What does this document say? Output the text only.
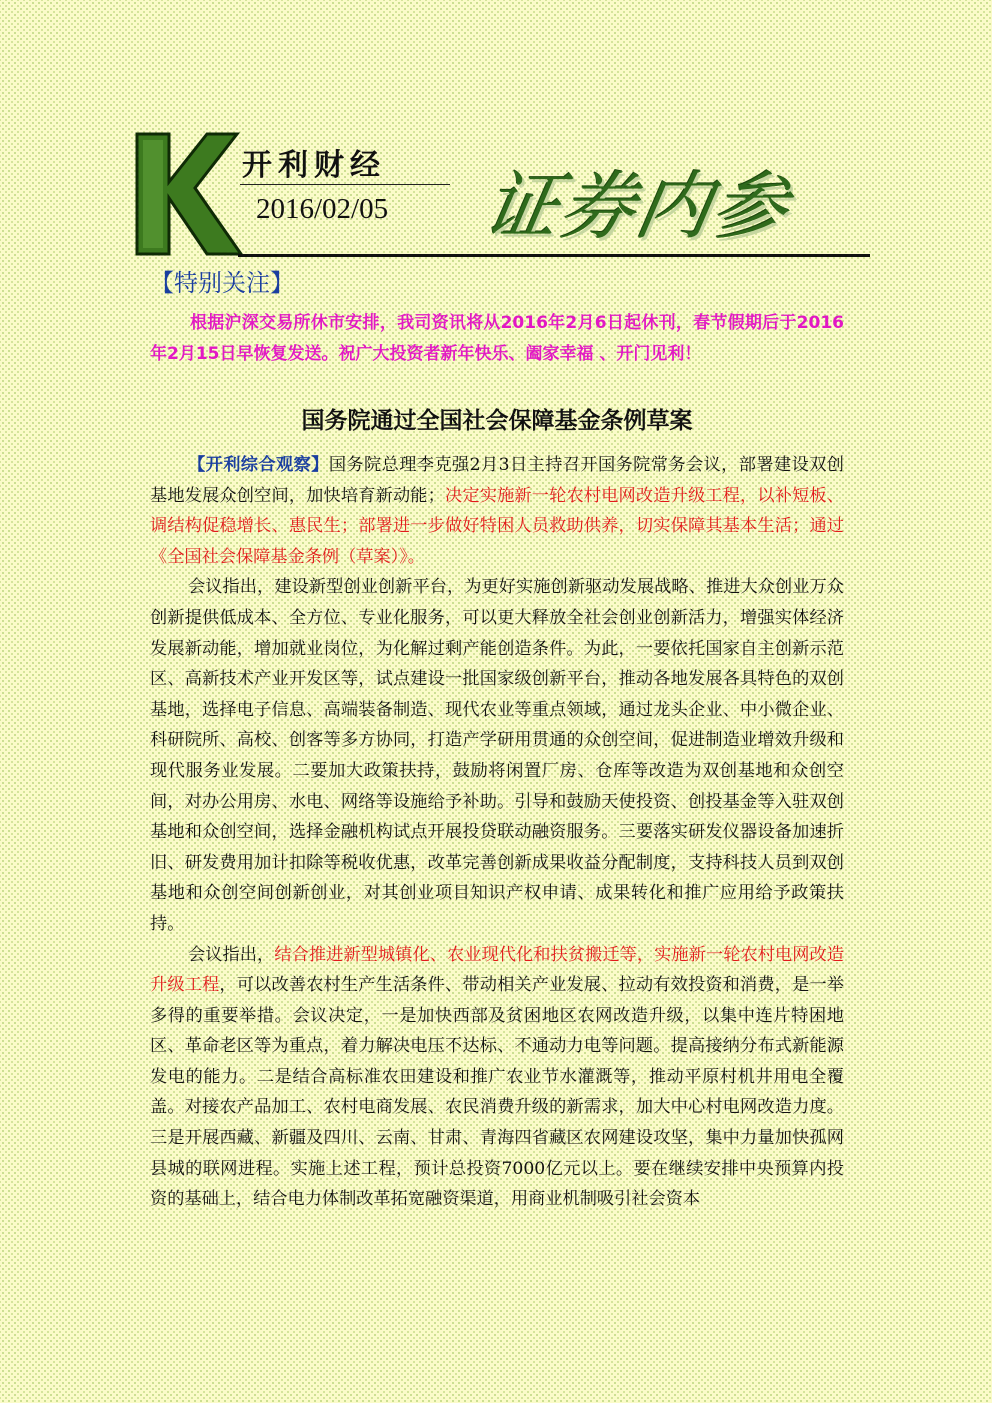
开利财经
2016/02/05 证券内参
【特别关注】
根据沪深交易所休市安排，我司资讯将从2016年2月6日起休刊，春节假期后于2016年2月15日早恢复发送。祝广大投资者新年快乐、阖家幸福 、开门见利！
国务院通过全国社会保障基金条例草案

【开利综合观察】国务院总理李克强2月3日主持召开国务院常务会议，部署建设双创基地发展众创空间，加快培育新动能；决定实施新一轮农村电网改造升级工程，以补短板、调结构促稳增长、惠民生；部署进一步做好特困人员救助供养，切实保障其基本生活；通过《全国社会保障基金条例（草案）》。

会议指出，建设新型创业创新平台，为更好实施创新驱动发展战略、推进大众创业万众创新提供低成本、全方位、专业化服务，可以更大释放全社会创业创新活力，增强实体经济发展新动能，增加就业岗位，为化解过剩产能创造条件。为此，一要依托国家自主创新示范区、高新技术产业开发区等，试点建设一批国家级创新平台，推动各地发展各具特色的双创基地，选择电子信息、高端装备制造、现代农业等重点领域，通过龙头企业、中小微企业、科研院所、高校、创客等多方协同，打造产学研用贯通的众创空间，促进制造业增效升级和现代服务业发展。二要加大政策扶持，鼓励将闲置厂房、仓库等改造为双创基地和众创空间，对办公用房、水电、网络等设施给予补助。引导和鼓励天使投资、创投基金等入驻双创基地和众创空间，选择金融机构试点开展投贷联动融资服务。三要落实研发仪器设备加速折旧、研发费用加计扣除等税收优惠，改革完善创新成果收益分配制度，支持科技人员到双创基地和众创空间创新创业，对其创业项目知识产权申请、成果转化和推广应用给予政策扶持。

会议指出，结合推进新型城镇化、农业现代化和扶贫搬迁等，实施新一轮农村电网改造升级工程，可以改善农村生产生活条件、带动相关产业发展、拉动有效投资和消费，是一举多得的重要举措。会议决定，一是加快西部及贫困地区农网改造升级，以集中连片特困地区、革命老区等为重点，着力解决电压不达标、不通动力电等问题。提高接纳分布式新能源发电的能力。二是结合高标准农田建设和推广农业节水灌溉等，推动平原村机井用电全覆盖。对接农产品加工、农村电商发展、农民消费升级的新需求，加大中心村电网改造力度。三是开展西藏、新疆及四川、云南、甘肃、青海四省藏区农网建设攻坚，集中力量加快孤网县城的联网进程。实施上述工程，预计总投资7000亿元以上。要在继续安排中央预算内投资的基础上，结合电力体制改革拓宽融资渠道，用商业机制吸引社会资本
